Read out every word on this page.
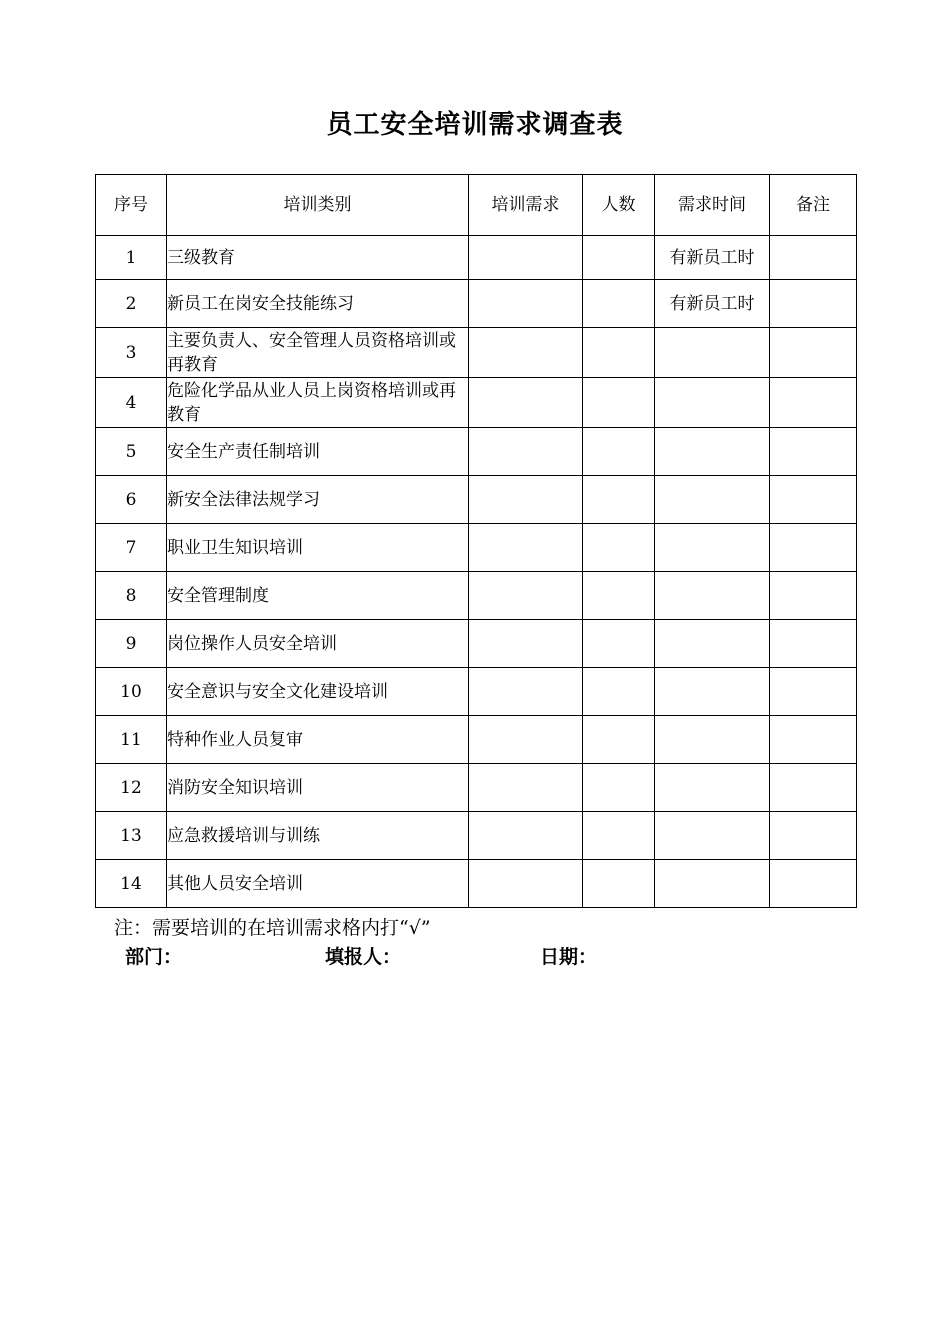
员工安全培训需求调查表
序号	培训类别	培训需求	人数	需求时间	备注
1	三级教育			有新员工时	
2	新员工在岗安全技能练习			有新员工时	
3	主要负责人、安全管理人员资格培训或再教育				
4	危险化学品从业人员上岗资格培训或再教育				
5	安全生产责任制培训				
6	新安全法律法规学习				
7	职业卫生知识培训				
8	安全管理制度				
9	岗位操作人员安全培训				
10	安全意识与安全文化建设培训				
11	特种作业人员复审				
12	消防安全知识培训				
13	应急救援培训与训练				
14	其他人员安全培训				
注：需要培训的在培训需求格内打“√”
部门：	填报人：	日期：
